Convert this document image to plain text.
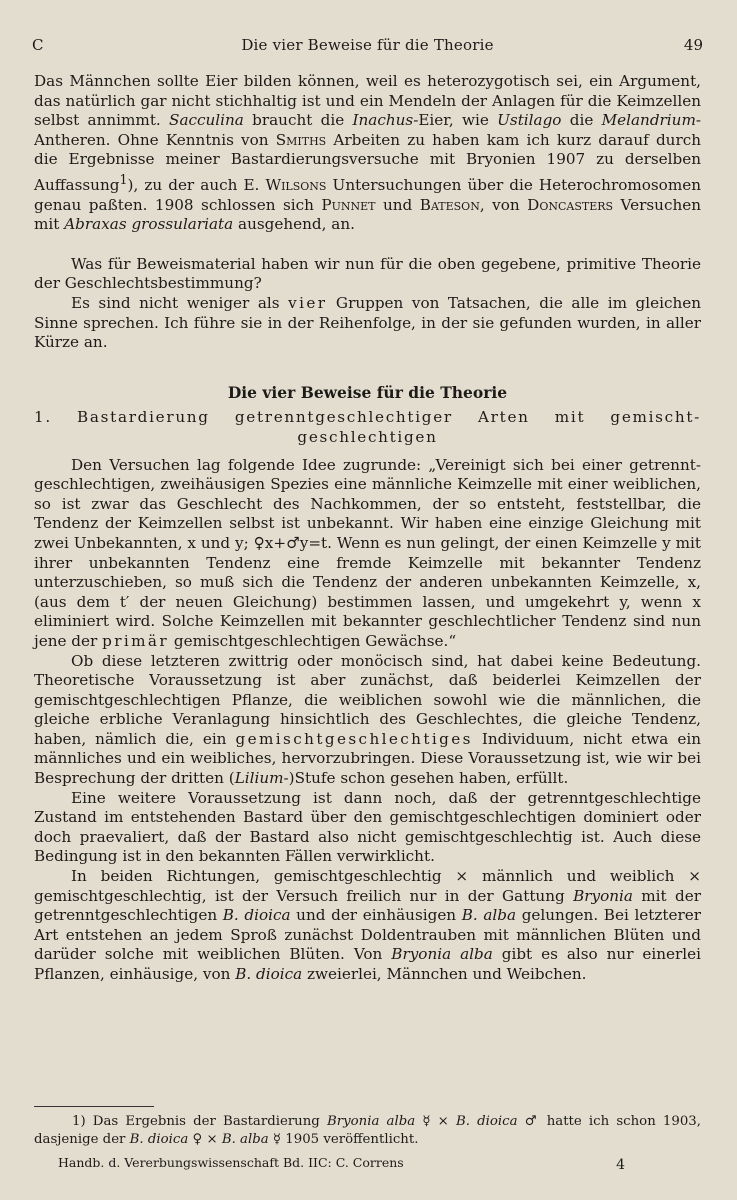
C	Die vier Beweise für die Theorie	49

Das Männchen sollte Eier bilden können, weil es heterozygotisch sei, ein Argument, das natürlich gar nicht stichhaltig ist und ein Mendeln der Anlagen für die Keimzellen selbst annimmt. Sacculina braucht die Inachus-Eier, wie Ustilago die Melandrium-Antheren. Ohne Kenntnis von Smiths Arbeiten zu haben kam ich kurz darauf durch die Ergebnisse meiner Bastardierungsversuche mit Bryonien 1907 zu derselben Auffassung$^1$), zu der auch E. Wilsons Untersuchungen über die Heterochromosomen genau paßten. 1908 schlossen sich Punnet und Bateson, von Doncasters Versuchen mit Abraxas grossulariata ausgehend, an.

Was für Beweismaterial haben wir nun für die oben gegebene, primitive Theorie der Geschlechtsbestimmung?

Es sind nicht weniger als vier Gruppen von Tatsachen, die alle im gleichen Sinne sprechen. Ich führe sie in der Reihenfolge, in der sie gefunden wurden, in aller Kürze an.

Die vier Beweise für die Theorie
1. Bastardierung getrenntgeschlechtiger Arten mit gemischt-
geschlechtigen

Den Versuchen lag folgende Idee zugrunde: „Vereinigt sich bei einer getrennt-geschlechtigen, zweihäusigen Spezies eine männliche Keimzelle mit einer weiblichen, so ist zwar das Geschlecht des Nachkommen, der so entsteht, feststellbar, die Tendenz der Keimzellen selbst ist unbekannt. Wir haben eine einzige Gleichung mit zwei Unbekannten, x und y; ♀x+♂y=t. Wenn es nun gelingt, der einen Keimzelle y mit ihrer unbekannten Tendenz eine fremde Keimzelle mit bekannter Tendenz unterzuschieben, so muß sich die Tendenz der anderen unbekannten Keimzelle, x, (aus dem t′ der neuen Gleichung) bestimmen lassen, und umgekehrt y, wenn x eliminiert wird. Solche Keimzellen mit bekannter geschlechtlicher Tendenz sind nun jene der primär gemischtgeschlechtigen Gewächse.“

Ob diese letzteren zwittrig oder monöcisch sind, hat dabei keine Bedeutung. Theoretische Voraussetzung ist aber zunächst, daß beiderlei Keimzellen der gemischtgeschlechtigen Pflanze, die weiblichen sowohl wie die männlichen, die gleiche erbliche Veranlagung hinsichtlich des Geschlechtes, die gleiche Tendenz, haben, nämlich die, ein gemischtgeschlechtiges Individuum, nicht etwa ein männliches und ein weibliches, hervorzubringen. Diese Voraussetzung ist, wie wir bei Besprechung der dritten (Lilium-)Stufe schon gesehen haben, erfüllt.

Eine weitere Voraussetzung ist dann noch, daß der getrenntgeschlechtige Zustand im entstehenden Bastard über den gemischtgeschlechtigen dominiert oder doch praevaliert, daß der Bastard also nicht gemischtgeschlechtig ist. Auch diese Bedingung ist in den bekannten Fällen verwirklicht.

In beiden Richtungen, gemischtgeschlechtig × männlich und weiblich × gemischtgeschlechtig, ist der Versuch freilich nur in der Gattung Bryonia mit der getrenntgeschlechtigen B. dioica und der einhäusigen B. alba gelungen. Bei letzterer Art entstehen an jedem Sproß zunächst Doldentrauben mit männlichen Blüten und darüder solche mit weiblichen Blüten. Von Bryonia alba gibt es also nur einerlei Pflanzen, einhäusige, von B. dioica zweierlei, Männchen und Weibchen.

1) Das Ergebnis der Bastardierung Bryonia alba ☿ × B. dioica ♂ hatte ich schon 1903, dasjenige der B. dioica ♀ × B. alba ☿ 1905 veröffentlicht.

Handb. d. Vererbungswissenschaft Bd. IIC: C. Correns	4
